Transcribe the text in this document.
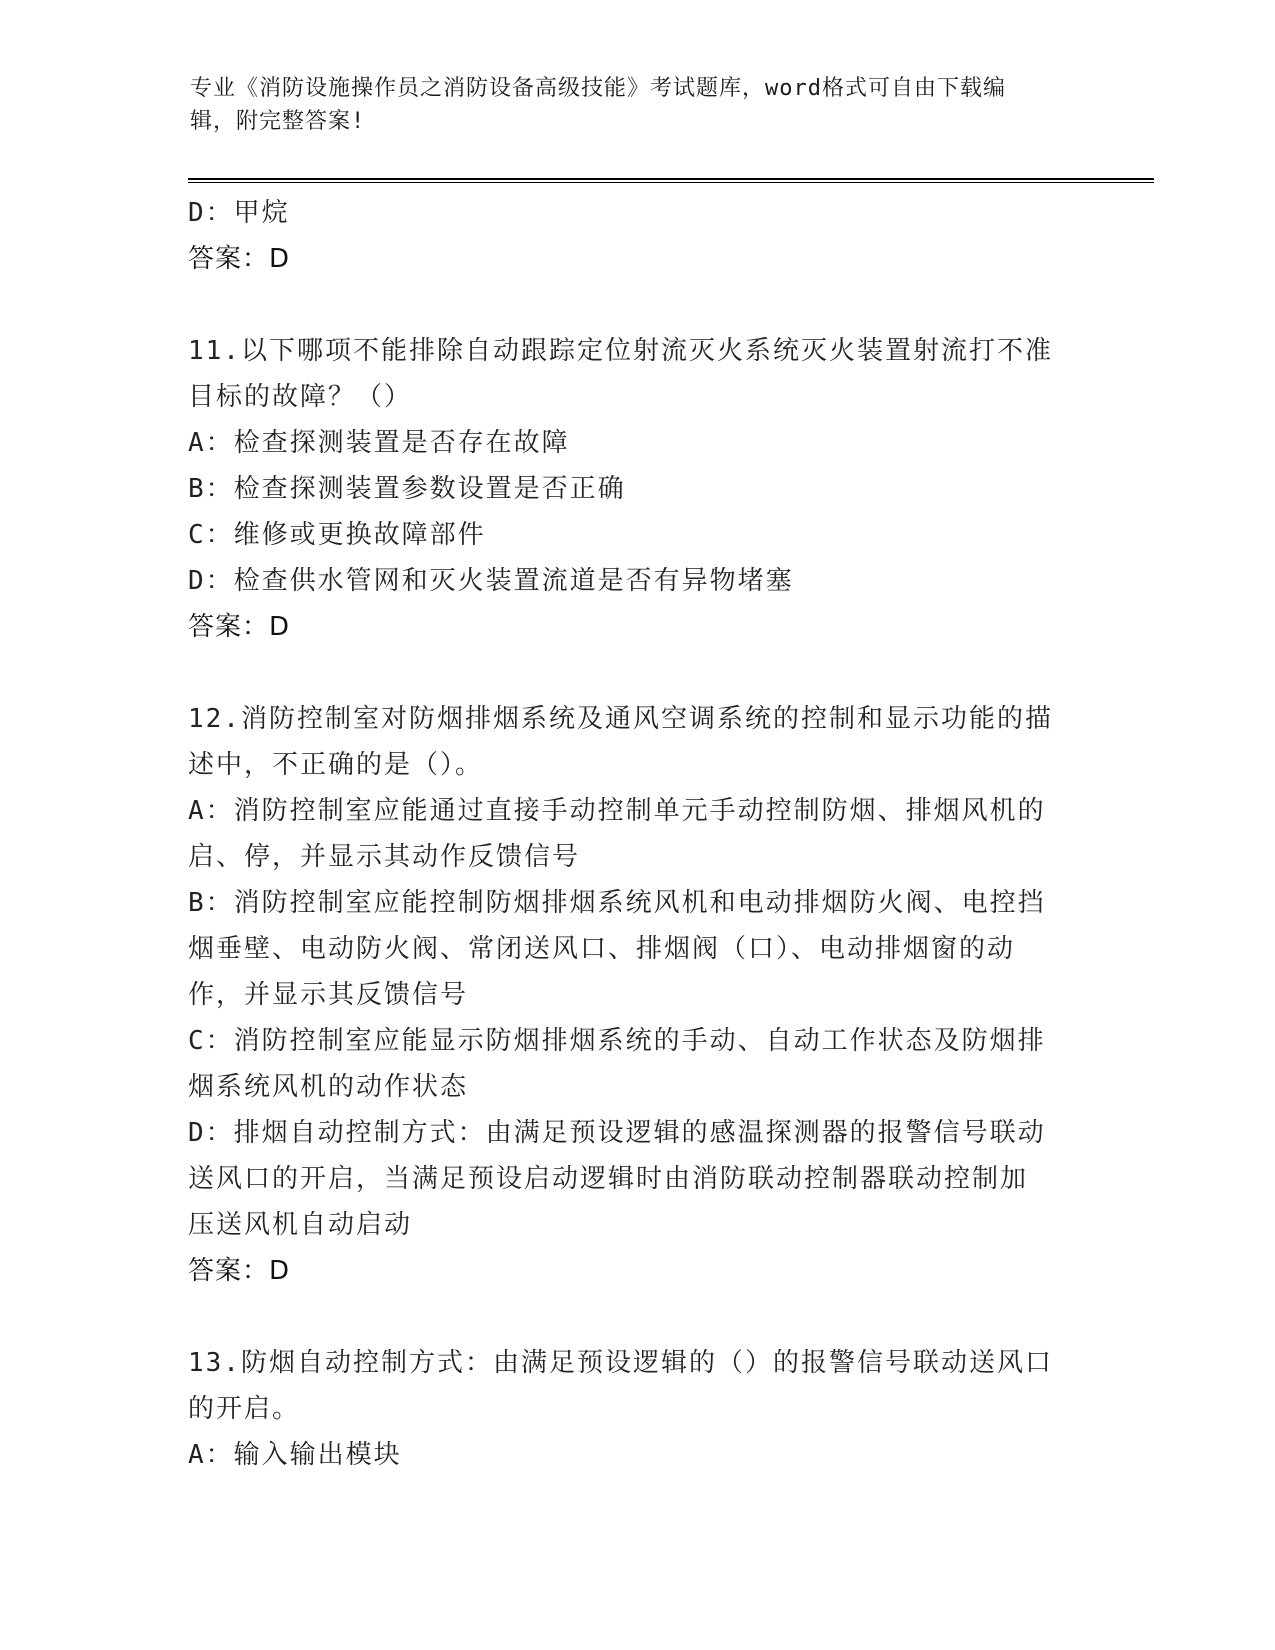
专业《消防设施操作员之消防设备高级技能》考试题库，word格式可自由下载编
辑，附完整答案!
D：甲烷
答案：D
11.以下哪项不能排除自动跟踪定位射流灭火系统灭火装置射流打不准
目标的故障？（）
A：检查探测装置是否存在故障
B：检查探测装置参数设置是否正确
C：维修或更换故障部件
D：检查供水管网和灭火装置流道是否有异物堵塞
答案：D
12.消防控制室对防烟排烟系统及通风空调系统的控制和显示功能的描
述中，不正确的是（）。
A：消防控制室应能通过直接手动控制单元手动控制防烟、排烟风机的
启、停，并显示其动作反馈信号
B：消防控制室应能控制防烟排烟系统风机和电动排烟防火阀、电控挡
烟垂壁、电动防火阀、常闭送风口、排烟阀（口）、电动排烟窗的动
作，并显示其反馈信号
C：消防控制室应能显示防烟排烟系统的手动、自动工作状态及防烟排
烟系统风机的动作状态
D：排烟自动控制方式：由满足预设逻辑的感温探测器的报警信号联动
送风口的开启，当满足预设启动逻辑时由消防联动控制器联动控制加
压送风机自动启动
答案：D
13.防烟自动控制方式：由满足预设逻辑的（）的报警信号联动送风口
的开启。
A：输入输出模块
